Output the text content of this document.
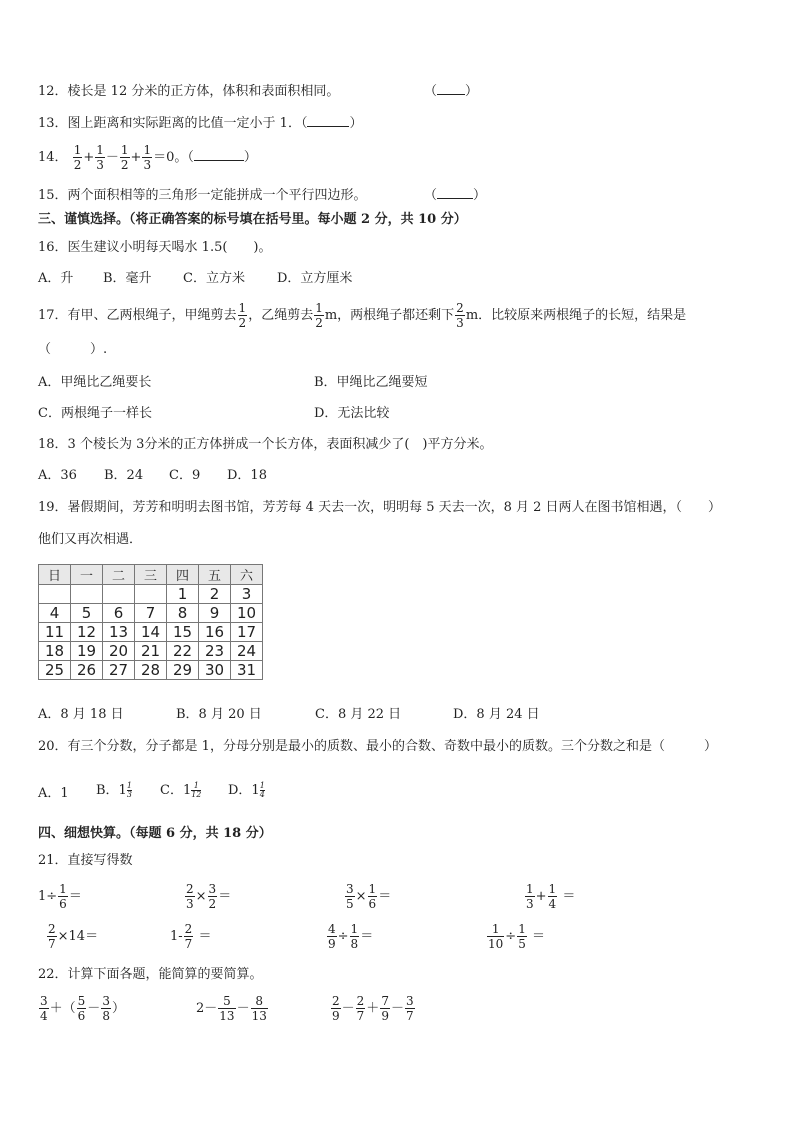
12．棱长是 12 分米的正方体，体积和表面积相同。	（ ）
13．图上距离和实际距离的比值一定小于 1．（	）
14． $\frac{1}{2} + \frac{1}{3} - \frac{1}{2} + \frac{1}{3} =0$。（	）
15．两个面积相等的三角形一定能拼成一个平行四边形。	（	）
三、谨慎选择。（将正确答案的标号填在括号里。每小题 2 分，共 10 分）
16．医生建议小明每天喝水 1.5(　　)。
A．升 B．毫升 C．立方米 D．立方厘米
17．有甲、乙两根绳子，甲绳剪去 $\frac{1}{2}$ ，乙绳剪去 $\frac{1}{2}$ m，两根绳子都还剩下 $\frac{2}{3}$ m．比较原来两根绳子的长短，结果是
（　　　）.
A．甲绳比乙绳要长	B．甲绳比乙绳要短
C．两根绳子一样长	D．无法比较
18．3 个棱长为 3分米的正方体拼成一个长方体，表面积减少了(　)平方分米。
A．36 B．24 C．9 D．18
19．暑假期间，芳芳和明明去图书馆，芳芳每 4 天去一次，明明每 5 天去一次，8 月 2 日两人在图书馆相遇，（　　）
他们又再次相遇．
日	一	二	三	四	五	六
				1	2	3
4	5	6	7	8	9	10
11	12	13	14	15	16	17
18	19	20	21	22	23	24
25	26	27	28	29	30	31
A．8 月 18 日	B．8 月 20 日	C．8 月 22 日	D．8 月 24 日
20．有三个分数，分子都是 1，分母分别是最小的质数、最小的合数、奇数中最小的质数。三个分数之和是（　　　）
A．1 B．$1 \frac{1}{3}$ C．$1 \frac{1}{12}$ D．$1 \frac{1}{4}$
四、细想快算。（每题 6 分，共 18 分）
21．直接写得数
$1\div \frac{1}{6}$ ＝	$\frac{2}{3} \times \frac{3}{2}$ ＝	$\frac{3}{5} \times \frac{1}{6}$ ＝	$\frac{1}{3} + \frac{1}{4}$ ＝
$\frac{2}{7} \times 14=$	$1- \frac{2}{7}$ ＝	$\frac{4}{9} \div \frac{1}{8}$ ＝	$\frac{1}{10} \div \frac{1}{5}$ ＝
22．计算下面各题，能简算的要简算。
$\frac{3}{4}$ ＋（ $\frac{5}{6} - \frac{3}{8}$ ）	$2- \frac{5}{13} - \frac{8}{13}$	$\frac{2}{9} - \frac{2}{7} + \frac{7}{9} - \frac{3}{7}$
